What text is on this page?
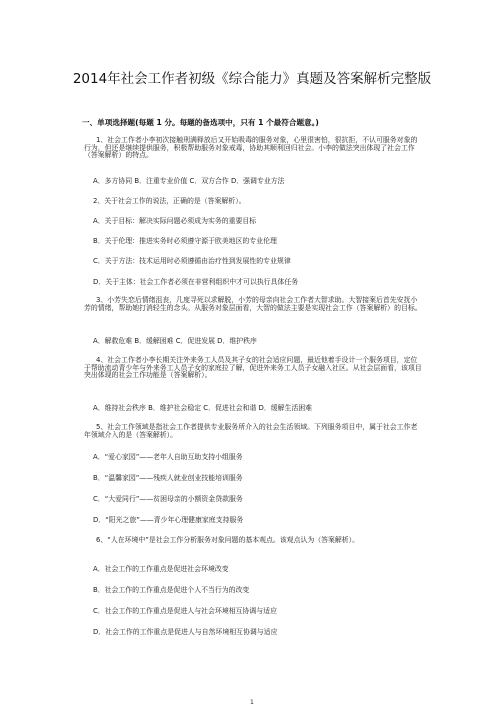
2014年社会工作者初级《综合能力》真题及答案解析完整版
一、单项选择题(每题 1 分。每题的备选项中，只有 1 个最符合题意。)
1、社会工作者小李初次接触刑满释放后又开始吸毒的服务对象，心里很害怕，很抗拒，不认可服务对象的行为，但还是继续提供服务，积极帮助服务对象戒毒，协助其顺利回归社会。小李的做法突出体现了社会工作（答案解析）的特点。
A．多方协同 B．注重专业价值 C．双方合作 D．强调专业方法
2、关于社会工作的说法，正确的是（答案解析）。
A．关于目标：解决实际问题必须成为实务的重要目标
B．关于伦理：推进实务时必须遵守源于欧美地区的专业伦理
C．关于方法：技术运用时必须遵循由治疗性到发展性的专业规律
D．关于主体：社会工作者必须在非营利组织中才可以执行具体任务
3、小芳失恋后情绪沮丧，几度寻死以求解脱，小芳的母亲向社会工作者大智求助。大智接案后首先安抚小芳的情绪，帮助她打消轻生的念头。从服务对象层面看，大智的做法主要是实现社会工作（答案解析）的目标。
A．解救危难 B．缓解困难 C．促进发展 D．维护秩序
4、社会工作者小李长期关注外来务工人员及其子女的社会适应问题，最近他着手设计一个服务项目，定位于帮助流动青少年与外来务工人员子女的家庭拉了解，促进外来务工人员子女融入社区。从社会层面看，该项目突出体现的社会工作功能是（答案解析）。
A．维持社会秩序 B．维护社会稳定 C．促进社会和谐 D．缓解生活困难
5、社会工作领域是指社会工作者提供专业服务所介入的社会生活领域。下列服务项目中，属于社会工作老年领域介入的是（答案解析）。
A．“爱心家园”——老年人自助互助支持小组服务
B．“温馨家园”——残疾人就业创业技能培训服务
C．“大爱同行”——贫困母亲的小额资金贷款服务
D．“阳光之旅”——青少年心理健康家庭支持服务
6、“人在环境中”是社会工作分析服务对象问题的基本观点。该观点认为（答案解析）。
A．社会工作的工作重点是促进社会环境改变
B．社会工作的工作重点是促进个人不当行为的改变
C．社会工作的工作重点是促进人与社会环境相互协调与适应
D．社会工作的工作重点是促进人与自然环境相互协调与适应
1
